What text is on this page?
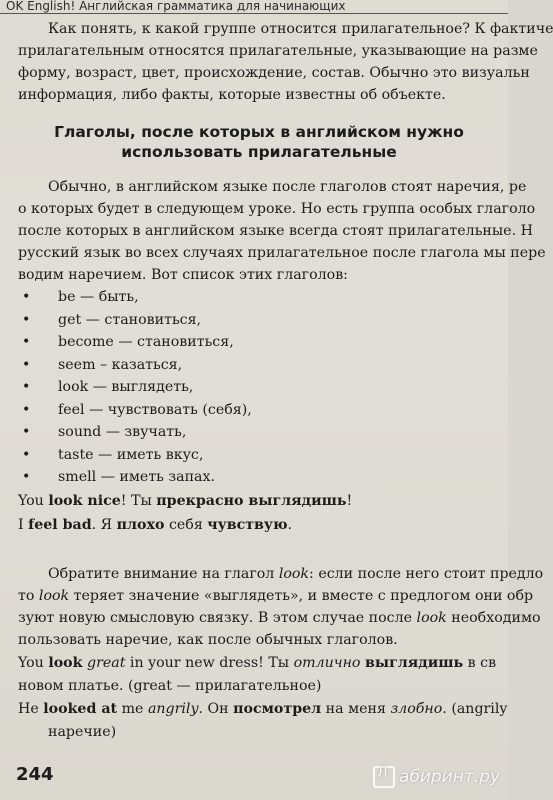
OK English! Английская грамматика для начинающих

Как понять, к какой группе относится прилагательное? К фактиче

прилагательным относятся прилагательные, указывающие на разме

форму, возраст, цвет, происхождение, состав. Обычно это визуальн

информация, либо факты, которые известны об объекте.

Глаголы, после которых в английском нужно
использовать прилагательные

Обычно, в английском языке после глаголов стоят наречия, ре

о которых будет в следующем уроке. Но есть группа особых глаголо

после которых в английском языке всегда стоят прилагательные. Н

русский язык во всех случаях прилагательное после глагола мы пере

водим наречием. Вот список этих глаголов:

• be — быть,
• get — становиться,
• become — становиться,
• seem – казаться,
• look — выглядеть,
• feel — чувствовать (себя),
• sound — звучать,
• taste — иметь вкус,
• smell — иметь запах.

You look nice! Ты прекрасно выглядишь!

I feel bad. Я плохо себя чувствую.

Обратите внимание на глагол look: если после него стоит предло

то look теряет значение «выглядеть», и вместе с предлогом они обр

зуют новую смысловую связку. В этом случае после look необходимо

пользовать наречие, как после обычных глаголов.

You look great in your new dress! Ты отлично выглядишь в св

новом платье. (great — прилагательное)

He looked at me angrily. Он посмотрел на меня злобно. (angrily

наречие)

244
Л	абиринт.ру
